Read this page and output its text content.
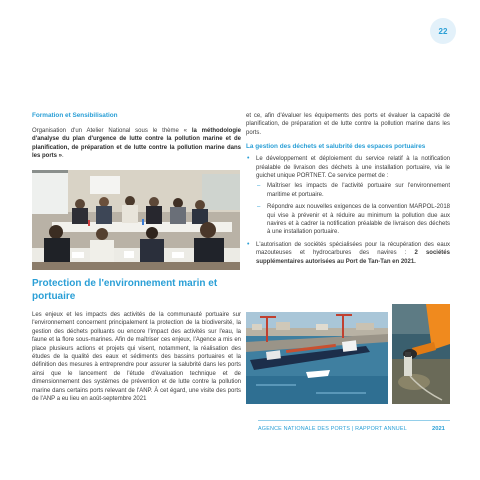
22
Formation et Sensibilisation

Organisation d'un Atelier National sous le thème « la méthodologie d'analyse du plan d'urgence de lutte contre la pollution marine et de planification, de préparation et de lutte contre la pollution marine dans les ports ».

Protection de l'environnement marin et portuaire

Les enjeux et les impacts des activités de la communauté portuaire sur l'environnement concernent principalement la protection de la biodiversité, la gestion des déchets polluants ou encore l'impact des activités sur l'eau, la faune et la flore sous-marines. Afin de maîtriser ces enjeux, l'Agence a mis en place plusieurs actions et projets qui visent, notamment, la réalisation des études de la qualité des eaux et sédiments des bassins portuaires et la définition des mesures à entreprendre pour assurer la salubrité dans les ports ainsi que le lancement de l'étude d'évaluation technique et de dimensionnement des systèmes de prévention et de lutte contre la pollution marine dans certains ports relevant de l'ANP. À cet égard, une visite des ports de l'ANP a eu lieu en août-septembre 2021

et ce, afin d'évaluer les équipements des ports et évaluer la capacité de planification, de préparation et de lutte contre la pollution marine dans les ports.

La gestion des déchets et salubrité des espaces portuaires
• Le développement et déploiement du service relatif à la notification préalable de livraison des déchets à une installation portuaire, via le guichet unique PORTNET. Ce service permet de :
– Maîtriser les impacts de l'activité portuaire sur l'environnement maritime et portuaire.
– Répondre aux nouvelles exigences de la convention MARPOL-2018 qui vise à prévenir et à réduire au minimum la pollution due aux navires et à cadrer la notification préalable de livraison des déchets à une installation portuaire.
• L'autorisation de sociétés spécialisées pour la récupération des eaux mazouteuses et hydrocarbures des navires : 2 sociétés supplémentaires autorisées au Port de Tan-Tan en 2021.
AGENCE NATIONALE DES PORTS | RAPPORT ANNUEL	2021
